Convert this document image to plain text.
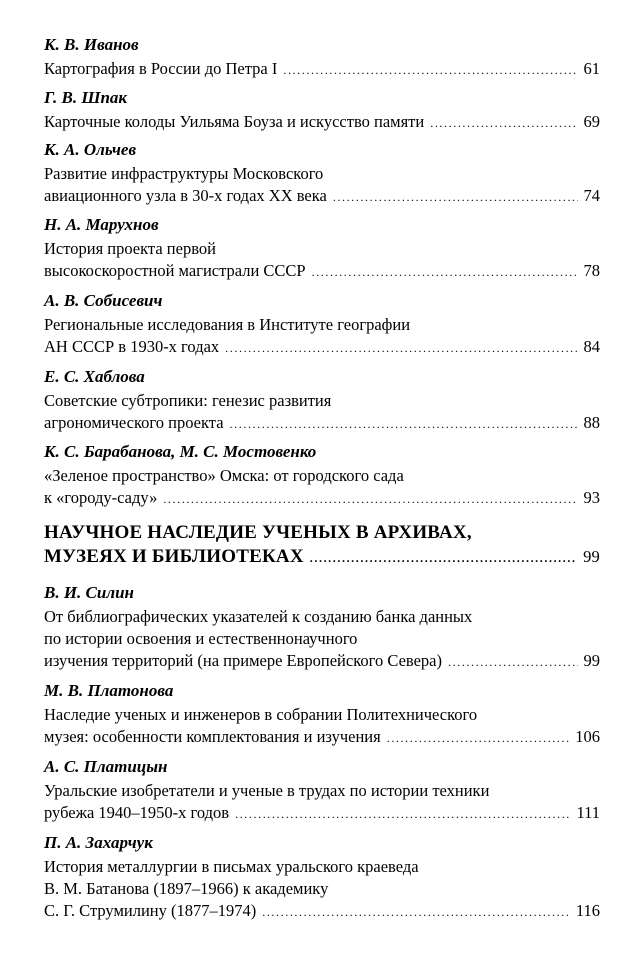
К. В. Иванов
Картография в России до Петра I .....	61
Г. В. Шпак
Карточные колоды Уильяма Боуза и искусство памяти .....	69
К. А. Ольчев
Развитие инфраструктуры Московского
авиационного узла в 30-х годах XX века .....	74
Н. А. Марухнов
История проекта первой
высокоскоростной магистрали СССР .....	78
А. В. Собисевич
Региональные исследования в Институте географии
АН СССР в 1930-х годах .....	84
Е. С. Хаблова
Советские субтропики: генезис развития
агрономического проекта .....	88
К. С. Барабанова, М. С. Мостовенко
«Зеленое пространство» Омска: от городского сада
к «городу-саду» .....	93
НАУЧНОЕ НАСЛЕДИЕ УЧЕНЫХ В АРХИВАХ,
МУЗЕЯХ И БИБЛИОТЕКАХ .....	99
В. И. Силин
От библиографических указателей к созданию банка данных
по истории освоения и естественнонаучного
изучения территорий (на примере Европейского Севера) .....	99
М. В. Платонова
Наследие ученых и инженеров в собрании Политехнического
музея: особенности комплектования и изучения .....	106
А. С. Платицын
Уральские изобретатели и ученые в трудах по истории техники
рубежа 1940–1950-х годов .....	111
П. А. Захарчук
История металлургии в письмах уральского краеведа
В. М. Батанова (1897–1966) к академику
С. Г. Струмилину (1877–1974) .....	116
